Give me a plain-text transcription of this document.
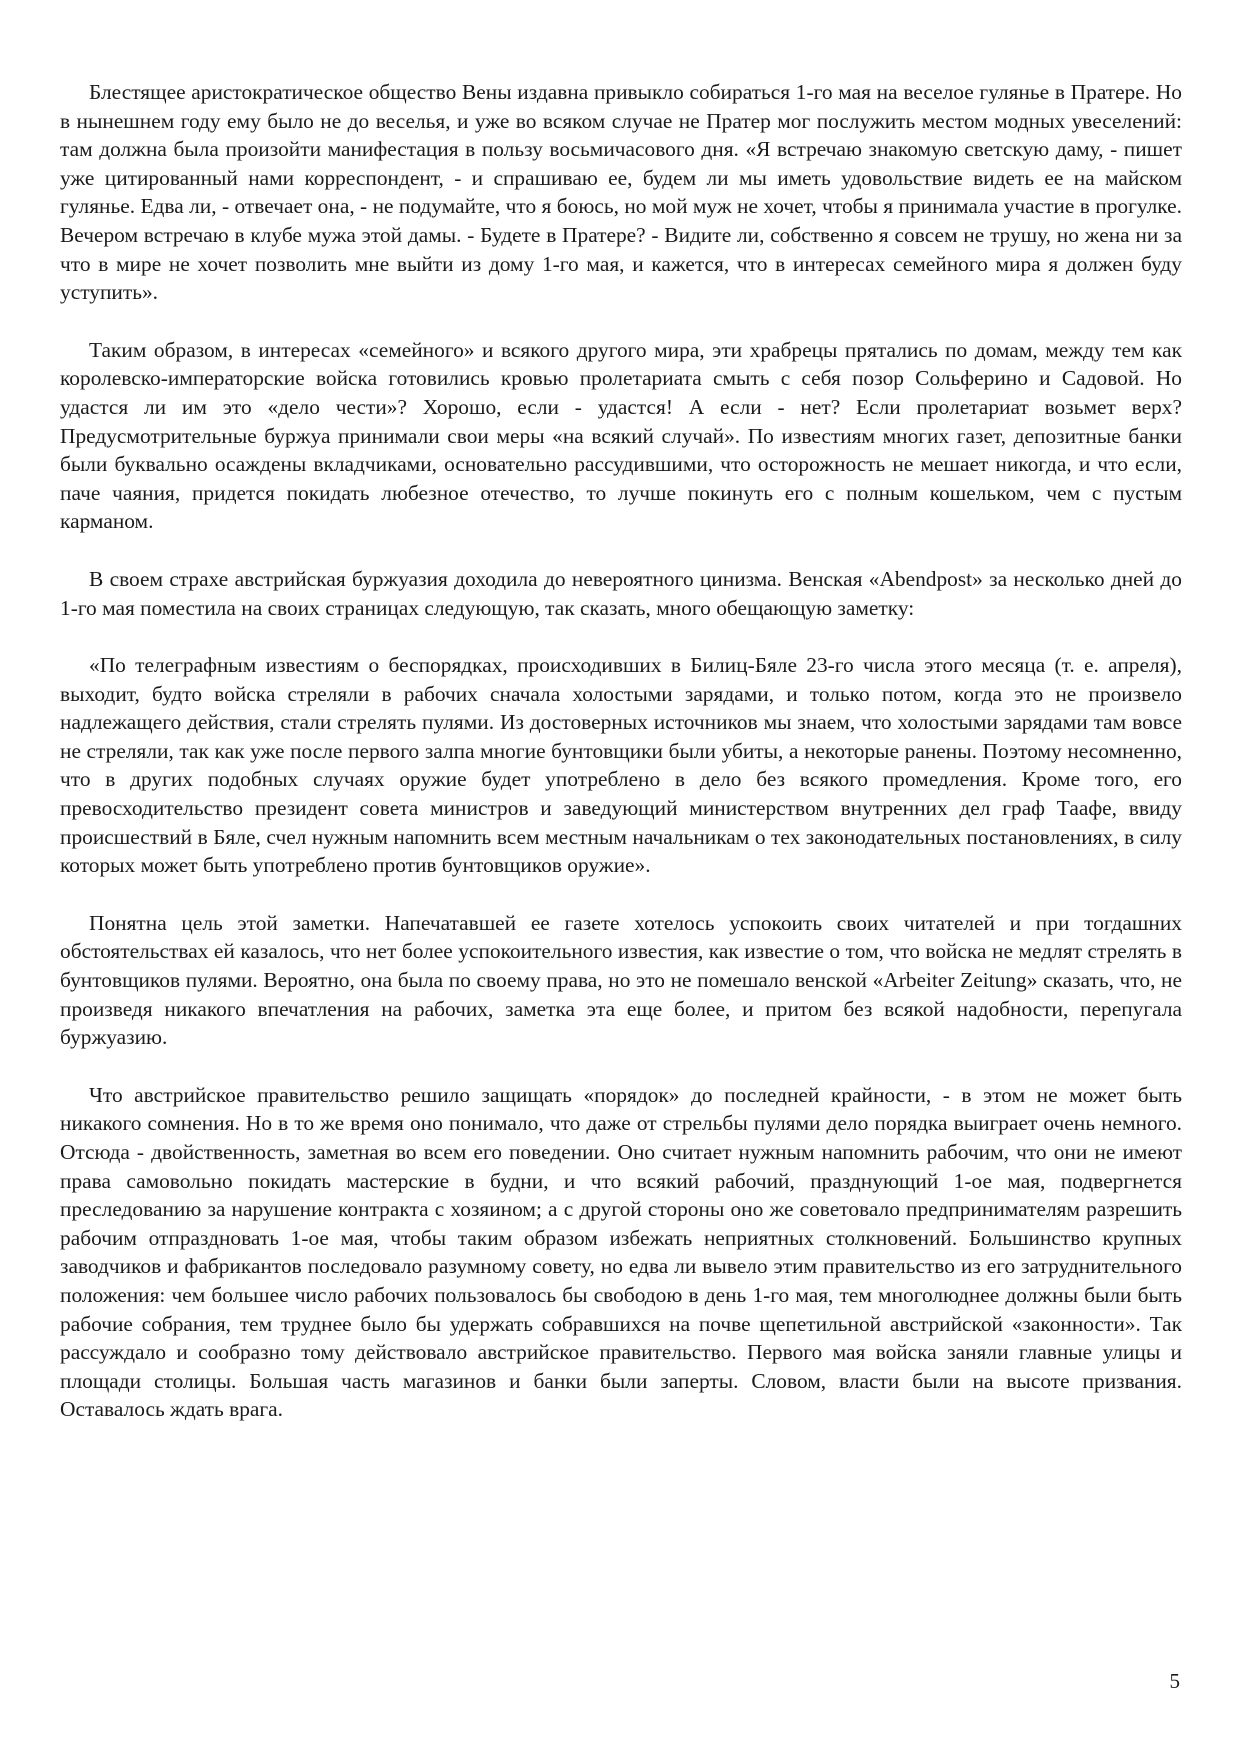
Блестящее аристократическое общество Вены издавна привыкло собираться 1-го мая на веселое гулянье в Пратере. Но в нынешнем году ему было не до веселья, и уже во всяком случае не Пратер мог послужить местом модных увеселений: там должна была произойти манифестация в пользу восьмичасового дня. «Я встречаю знакомую светскую даму, - пишет уже цитированный нами корреспондент, - и спрашиваю ее, будем ли мы иметь удовольствие видеть ее на майском гулянье. Едва ли, - отвечает она, - не подумайте, что я боюсь, но мой муж не хочет, чтобы я принимала участие в прогулке. Вечером встречаю в клубе мужа этой дамы. - Будете в Пратере? - Видите ли, собственно я совсем не трушу, но жена ни за что в мире не хочет позволить мне выйти из дому 1-го мая, и кажется, что в интересах семейного мира я должен буду уступить».

Таким образом, в интересах «семейного» и всякого другого мира, эти храбрецы прятались по домам, между тем как королевско-императорские войска готовились кровью пролетариата смыть с себя позор Сольферино и Садовой. Но удастся ли им это «дело чести»? Хорошо, если - удастся! А если - нет? Если пролетариат возьмет верх? Предусмотрительные буржуа принимали свои меры «на всякий случай». По известиям многих газет, депозитные банки были буквально осаждены вкладчиками, основательно рассудившими, что осторожность не мешает никогда, и что если, паче чаяния, придется покидать любезное отечество, то лучше покинуть его с полным кошельком, чем с пустым карманом.

В своем страхе австрийская буржуазия доходила до невероятного цинизма. Венская «Abendpost» за несколько дней до 1-го мая поместила на своих страницах следующую, так сказать, много обещающую заметку:

«По телеграфным известиям о беспорядках, происходивших в Билиц-Бяле 23-го числа этого месяца (т. е. апреля), выходит, будто войска стреляли в рабочих сначала холостыми зарядами, и только потом, когда это не произвело надлежащего действия, стали стрелять пулями. Из достоверных источников мы знаем, что холостыми зарядами там вовсе не стреляли, так как уже после первого залпа многие бунтовщики были убиты, а некоторые ранены. Поэтому несомненно, что в других подобных случаях оружие будет употреблено в дело без всякого промедления. Кроме того, его превосходительство президент совета министров и заведующий министерством внутренних дел граф Таафе, ввиду происшествий в Бяле, счел нужным напомнить всем местным начальникам о тех законодательных постановлениях, в силу которых может быть употреблено против бунтовщиков оружие».

Понятна цель этой заметки. Напечатавшей ее газете хотелось успокоить своих читателей и при тогдашних обстоятельствах ей казалось, что нет более успокоительного известия, как известие о том, что войска не медлят стрелять в бунтовщиков пулями. Вероятно, она была по своему права, но это не помешало венской «Arbeiter Zeitung» сказать, что, не произведя никакого впечатления на рабочих, заметка эта еще более, и притом без всякой надобности, перепугала буржуазию.

Что австрийское правительство решило защищать «порядок» до последней крайности, - в этом не может быть никакого сомнения. Но в то же время оно понимало, что даже от стрельбы пулями дело порядка выиграет очень немного. Отсюда - двойственность, заметная во всем его поведении. Оно считает нужным напомнить рабочим, что они не имеют права самовольно покидать мастерские в будни, и что всякий рабочий, празднующий 1-ое мая, подвергнется преследованию за нарушение контракта с хозяином; а с другой стороны оно же советовало предпринимателям разрешить рабочим отпраздновать 1-ое мая, чтобы таким образом избежать неприятных столкновений. Большинство крупных заводчиков и фабрикантов последовало разумному совету, но едва ли вывело этим правительство из его затруднительного положения: чем большее число рабочих пользовалось бы свободою в день 1-го мая, тем многолюднее должны были быть рабочие собрания, тем труднее было бы удержать собравшихся на почве щепетильной австрийской «законности». Так рассуждало и сообразно тому действовало австрийское правительство. Первого мая войска заняли главные улицы и площади столицы. Большая часть магазинов и банки были заперты. Словом, власти были на высоте призвания. Оставалось ждать врага.

5
